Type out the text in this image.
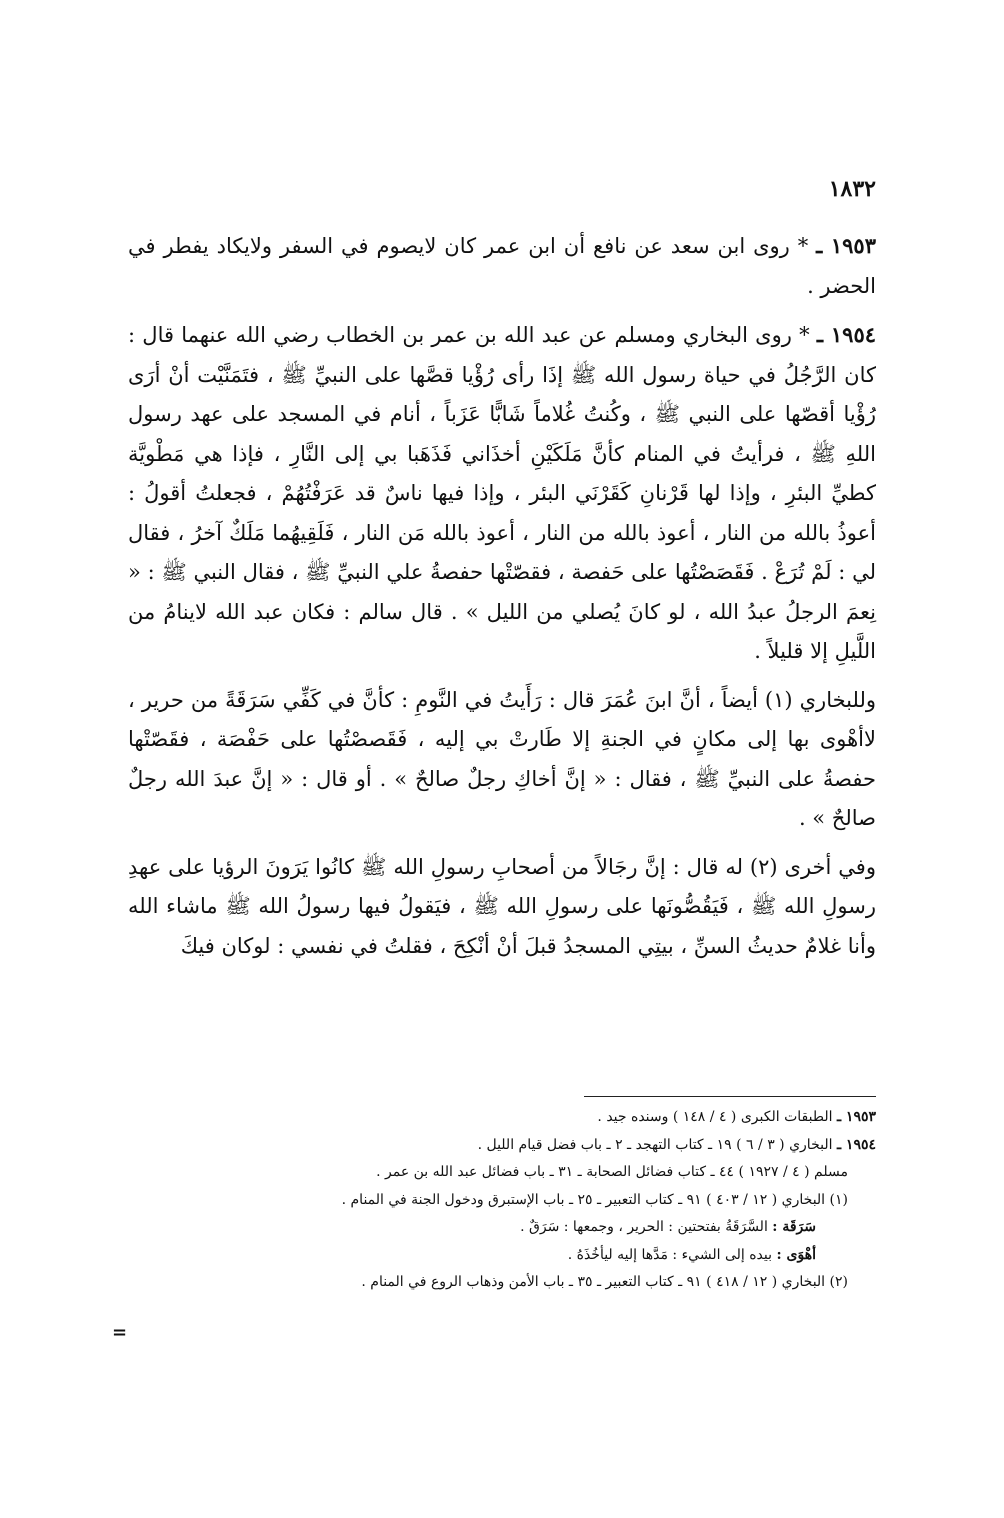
١٨٣٢

١٩٥٣ ـ * روى ابن سعد عن نافع أن ابن عمر كان لايصوم في السفر ولايكاد يفطر في الحضر .

١٩٥٤ ـ * روى البخاري ومسلم عن عبد الله بن عمر بن الخطاب رضي الله عنهما قال : كان الرَّجُلُ في حياة رسول الله ﷺ إذَا رأى رُؤْيا قصَّها على النبيِّ ﷺ ، فتَمَنَّيْت أنْ أرَى رُؤْيا أقصّها على النبي ﷺ ، وكُنتُ غُلاماً شَابًّا عَزَباً ، أنام في المسجد على عهد رسول اللهِ ﷺ ، فرأيتُ في المنام كأنَّ مَلَكَيْنِ أخذَاني فَذَهَبا بي إلى النَّارِ ، فإذا هي مَطْويَّة كطيِّ البئرِ ، وإذا لها قَرْنانِ كَقَرْنَي البئر ، وإذا فيها ناسٌ قد عَرَفْتُهُمْ ، فجعلتُ أقولُ : أعوذُ بالله من النار ، أعوذ بالله من النار ، أعوذ بالله مَن النار ، فَلَقِيهُما مَلَكٌ آخرُ ، فقال لي : لَمْ تُرَعْ . فَقَصَصْتُها على حَفصة ، فقصّتْها حفصةُ علي النبيِّ ﷺ ، فقال النبي ﷺ : « نِعمَ الرجلُ عبدُ الله ، لو كانَ يُصلي من الليل » . قال سالم : فكان عبد الله لاينامُ من اللَّيلِ إلا قليلاً .

وللبخاري (١) أيضاً ، أنَّ ابنَ عُمَرَ قال : رَأَيتُ في النَّومِ : كأنَّ في كَفِّي سَرَقَةً من حرير ، لاأهْوى بها إلى مكانٍ في الجنةِ إلا طَارتْ بي إليه ، فَقَصصْتُها على حَفْصَة ، فقَصّتْها حفصةُ على النبيِّ ﷺ ، فقال : « إنَّ أخاكِ رجلٌ صالحٌ » . أو قال : « إنَّ عبدَ الله رجلٌ صالحٌ » .

وفي أخرى (٢) له قال : إنَّ رجَالاً من أصحابِ رسولِ الله ﷺ كانُوا يَرَونَ الرؤيا على عهدِ رسولِ الله ﷺ ، فَيَقُصُّونَها على رسولِ الله ﷺ ، فيَقولُ فيها رسولُ الله ﷺ ماشاء الله وأنا غلامٌ حديثُ السنِّ ، بيتِي المسجدُ قبلَ أنْ أنْكِحَ ، فقلتُ في نفسي : لوكان فيكَ

١٩٥٣ ـ الطبقات الكبرى ( ٤ / ١٤٨ ) وسنده جيد .

١٩٥٤ ـ البخاري ( ٣ / ٦ ) ١٩ ـ كتاب التهجد ـ ٢ ـ باب فضل قيام الليل .

مسلم ( ٤ / ١٩٢٧ ) ٤٤ ـ كتاب فضائل الصحابة ـ ٣١ ـ باب فضائل عبد الله بن عمر .

(١) البخاري ( ١٢ / ٤٠٣ ) ٩١ ـ كتاب التعبير ـ ٢٥ ـ باب الإستبرق ودخول الجنة في المنام .

سَرَقَة : السَّرَقَةُ بفتحتين : الحرير ، وجمعها : سَرَقٌ .

أهْوَى : بيده إلى الشيء : مَدَّها إليه ليأخُذَهُ .

(٢) البخاري ( ١٢ / ٤١٨ ) ٩١ ـ كتاب التعبير ـ ٣٥ ـ باب الأمن وذهاب الروع في المنام .

=
